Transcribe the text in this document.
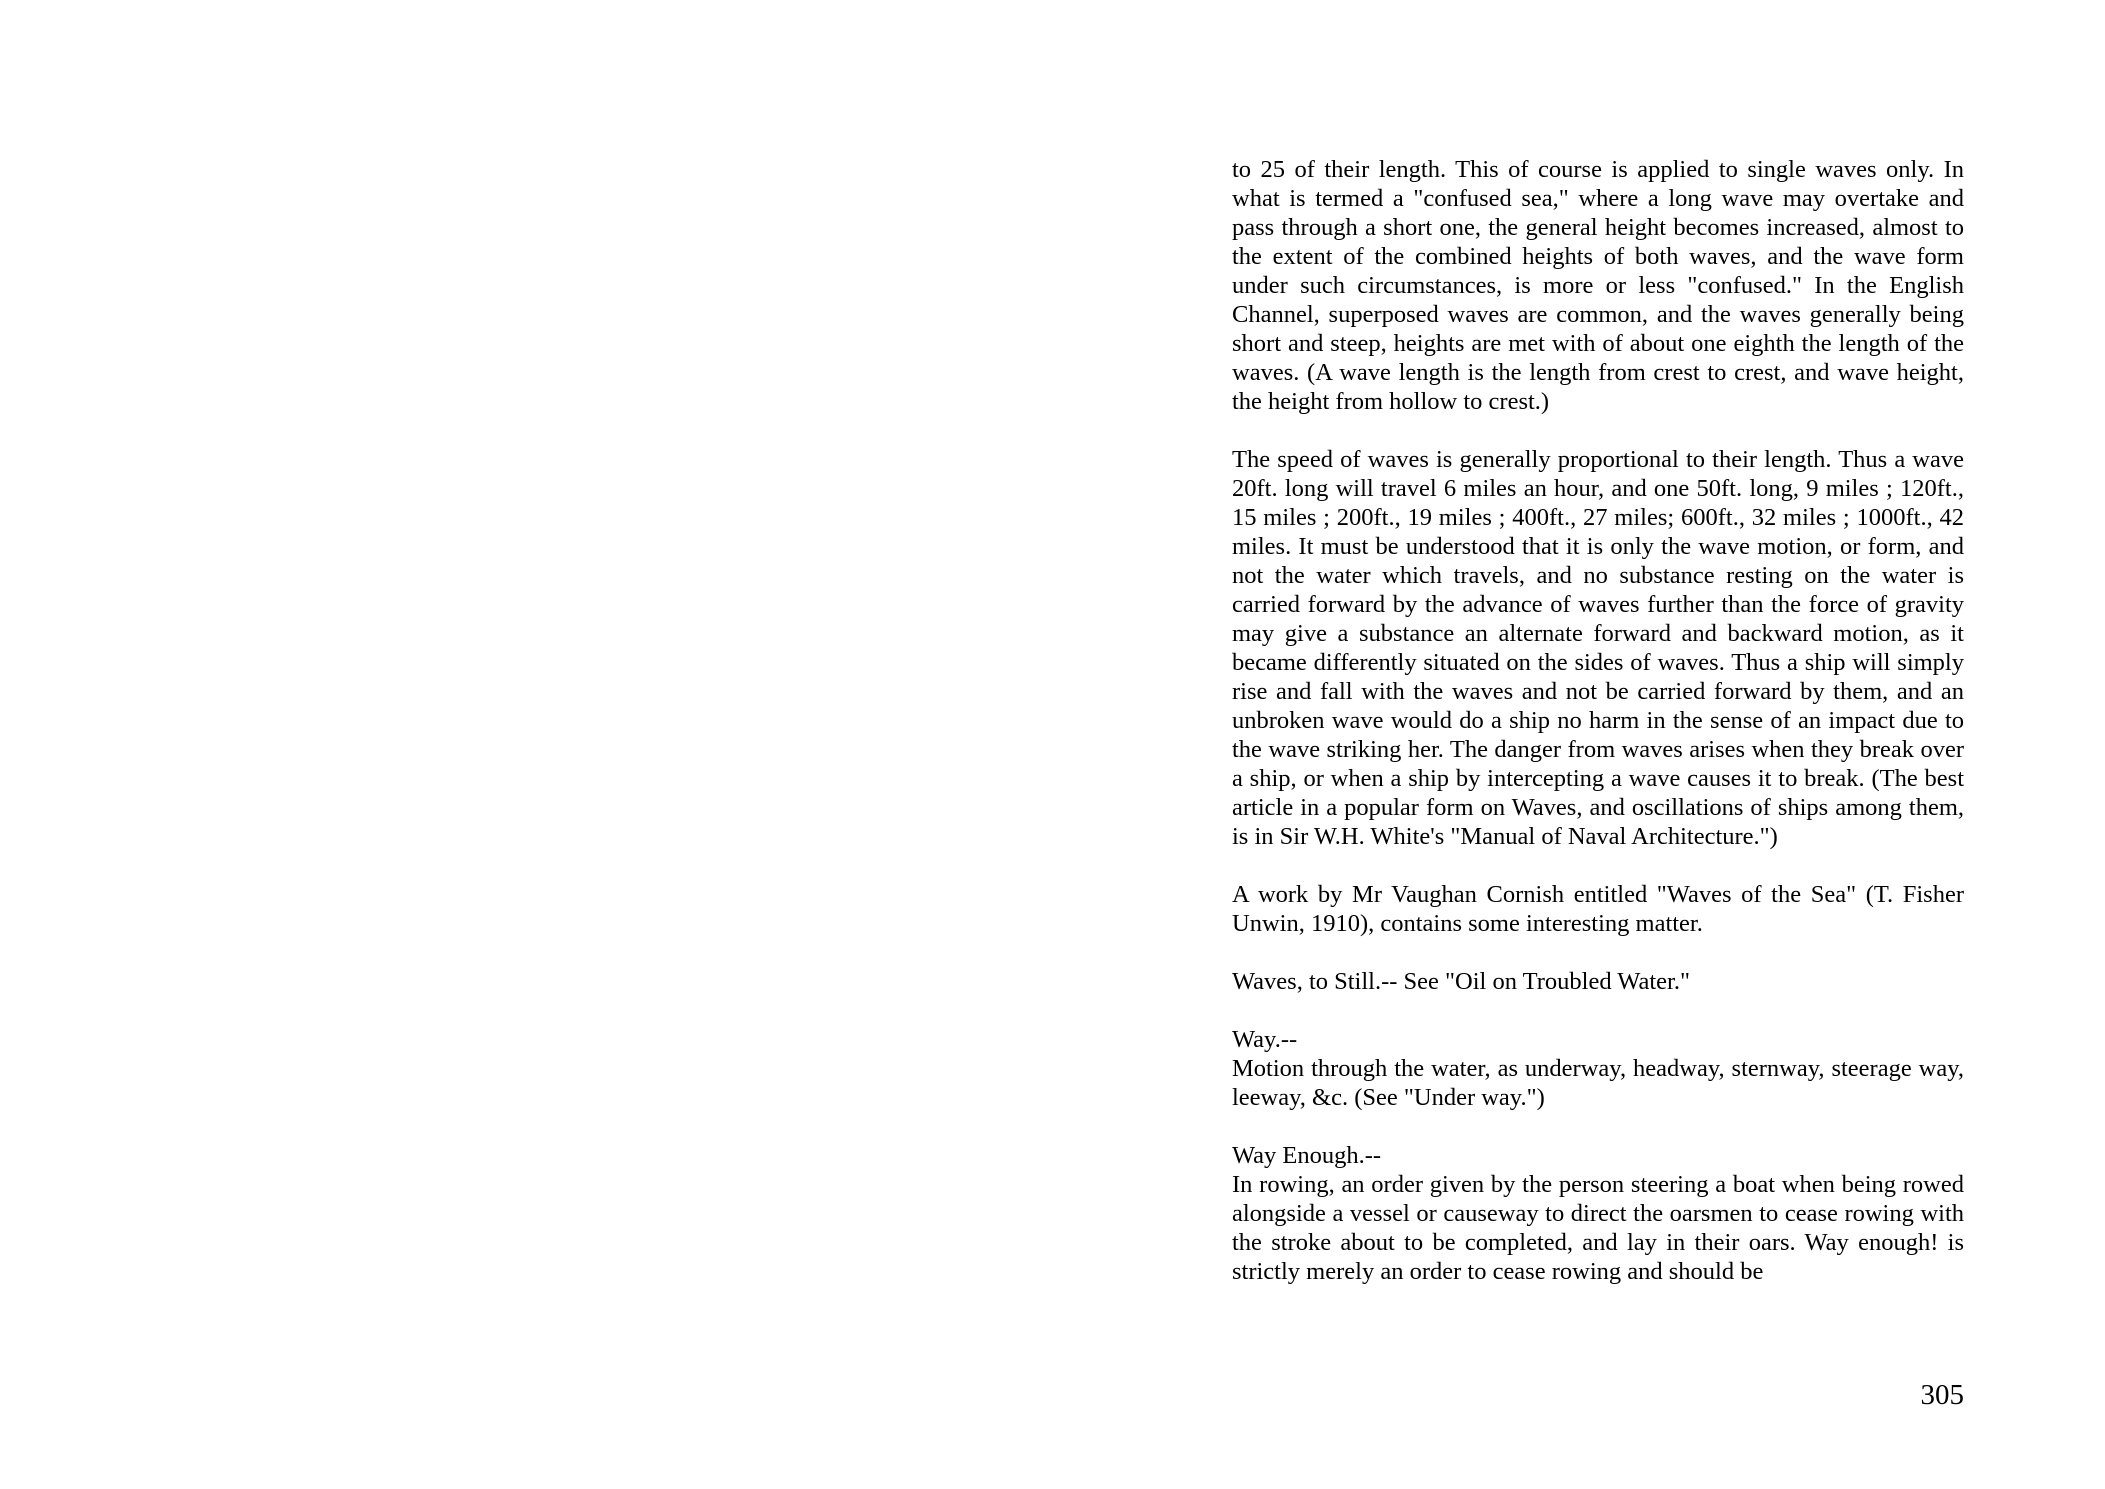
to 25 of their length. This of course is applied to single waves only. In what is termed a "confused sea," where a long wave may overtake and pass through a short one, the general height becomes increased, almost to the extent of the combined heights of both waves, and the wave form under such circumstances, is more or less "confused." In the English Channel, superposed waves are common, and the waves generally being short and steep, heights are met with of about one eighth the length of the waves. (A wave length is the length from crest to crest, and wave height, the height from hollow to crest.)

The speed of waves is generally proportional to their length. Thus a wave 20ft. long will travel 6 miles an hour, and one 50ft. long, 9 miles ; 120ft., 15 miles ; 200ft., 19 miles ; 400ft., 27 miles; 600ft., 32 miles ; 1000ft., 42 miles. It must be understood that it is only the wave motion, or form, and not the water which travels, and no substance resting on the water is carried forward by the advance of waves further than the force of gravity may give a substance an alternate forward and backward motion, as it became differently situated on the sides of waves. Thus a ship will simply rise and fall with the waves and not be carried forward by them, and an unbroken wave would do a ship no harm in the sense of an impact due to the wave striking her. The danger from waves arises when they break over a ship, or when a ship by intercepting a wave causes it to break. (The best article in a popular form on Waves, and oscillations of ships among them, is in Sir W.H. White's "Manual of Naval Architecture.")

A work by Mr Vaughan Cornish entitled "Waves of the Sea" (T. Fisher Unwin, 1910), contains some interesting matter.

Waves, to Still.-- See "Oil on Troubled Water."

Way.--
Motion through the water, as underway, headway, sternway, steerage way, leeway, &c. (See "Under way.")
Way Enough.--
In rowing, an order given by the person steering a boat when being rowed alongside a vessel or causeway to direct the oarsmen to cease rowing with the stroke about to be completed, and lay in their oars. Way enough! is strictly merely an order to cease rowing and should be
305
